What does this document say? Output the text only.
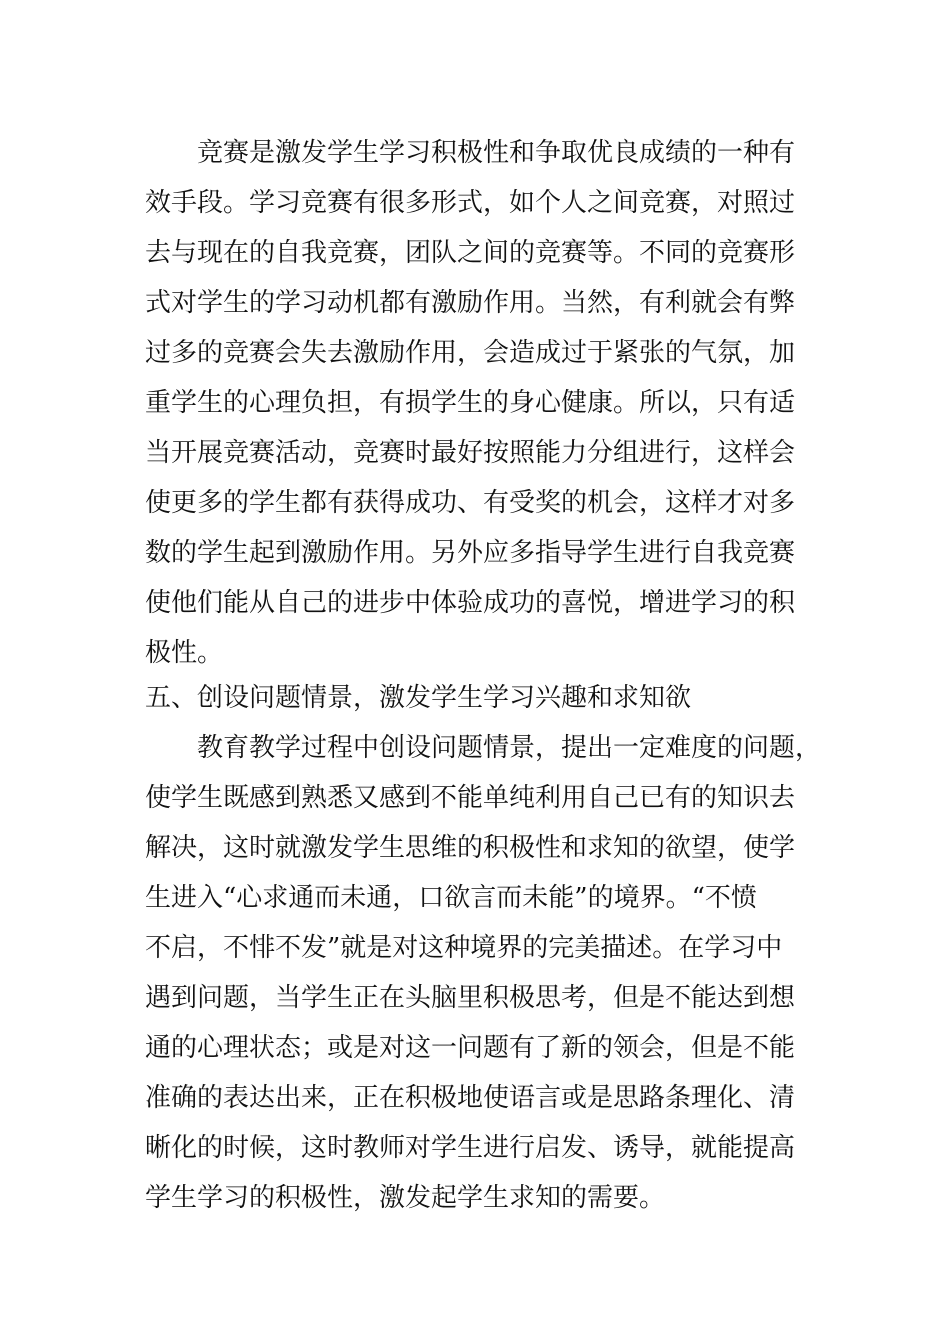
竞赛是激发学生学习积极性和争取优良成绩的一种有
效手段。学习竞赛有很多形式，如个人之间竞赛，对照过
去与现在的自我竞赛，团队之间的竞赛等。不同的竞赛形
式对学生的学习动机都有激励作用。当然，有利就会有弊
过多的竞赛会失去激励作用，会造成过于紧张的气氛，加
重学生的心理负担，有损学生的身心健康。所以，只有适
当开展竞赛活动，竞赛时最好按照能力分组进行，这样会
使更多的学生都有获得成功、有受奖的机会，这样才对多
数的学生起到激励作用。另外应多指导学生进行自我竞赛
使他们能从自己的进步中体验成功的喜悦，增进学习的积
极性。
五、创设问题情景，激发学生学习兴趣和求知欲
教育教学过程中创设问题情景，提出一定难度的问题，
使学生既感到熟悉又感到不能单纯利用自己已有的知识去
解决，这时就激发学生思维的积极性和求知的欲望，使学
生进入“心求通而未通，口欲言而未能”的境界。“不愤
不启，不悱不发”就是对这种境界的完美描述。在学习中
遇到问题，当学生正在头脑里积极思考，但是不能达到想
通的心理状态；或是对这一问题有了新的领会，但是不能
准确的表达出来，正在积极地使语言或是思路条理化、清
晰化的时候，这时教师对学生进行启发、诱导，就能提高
学生学习的积极性，激发起学生求知的需要。
